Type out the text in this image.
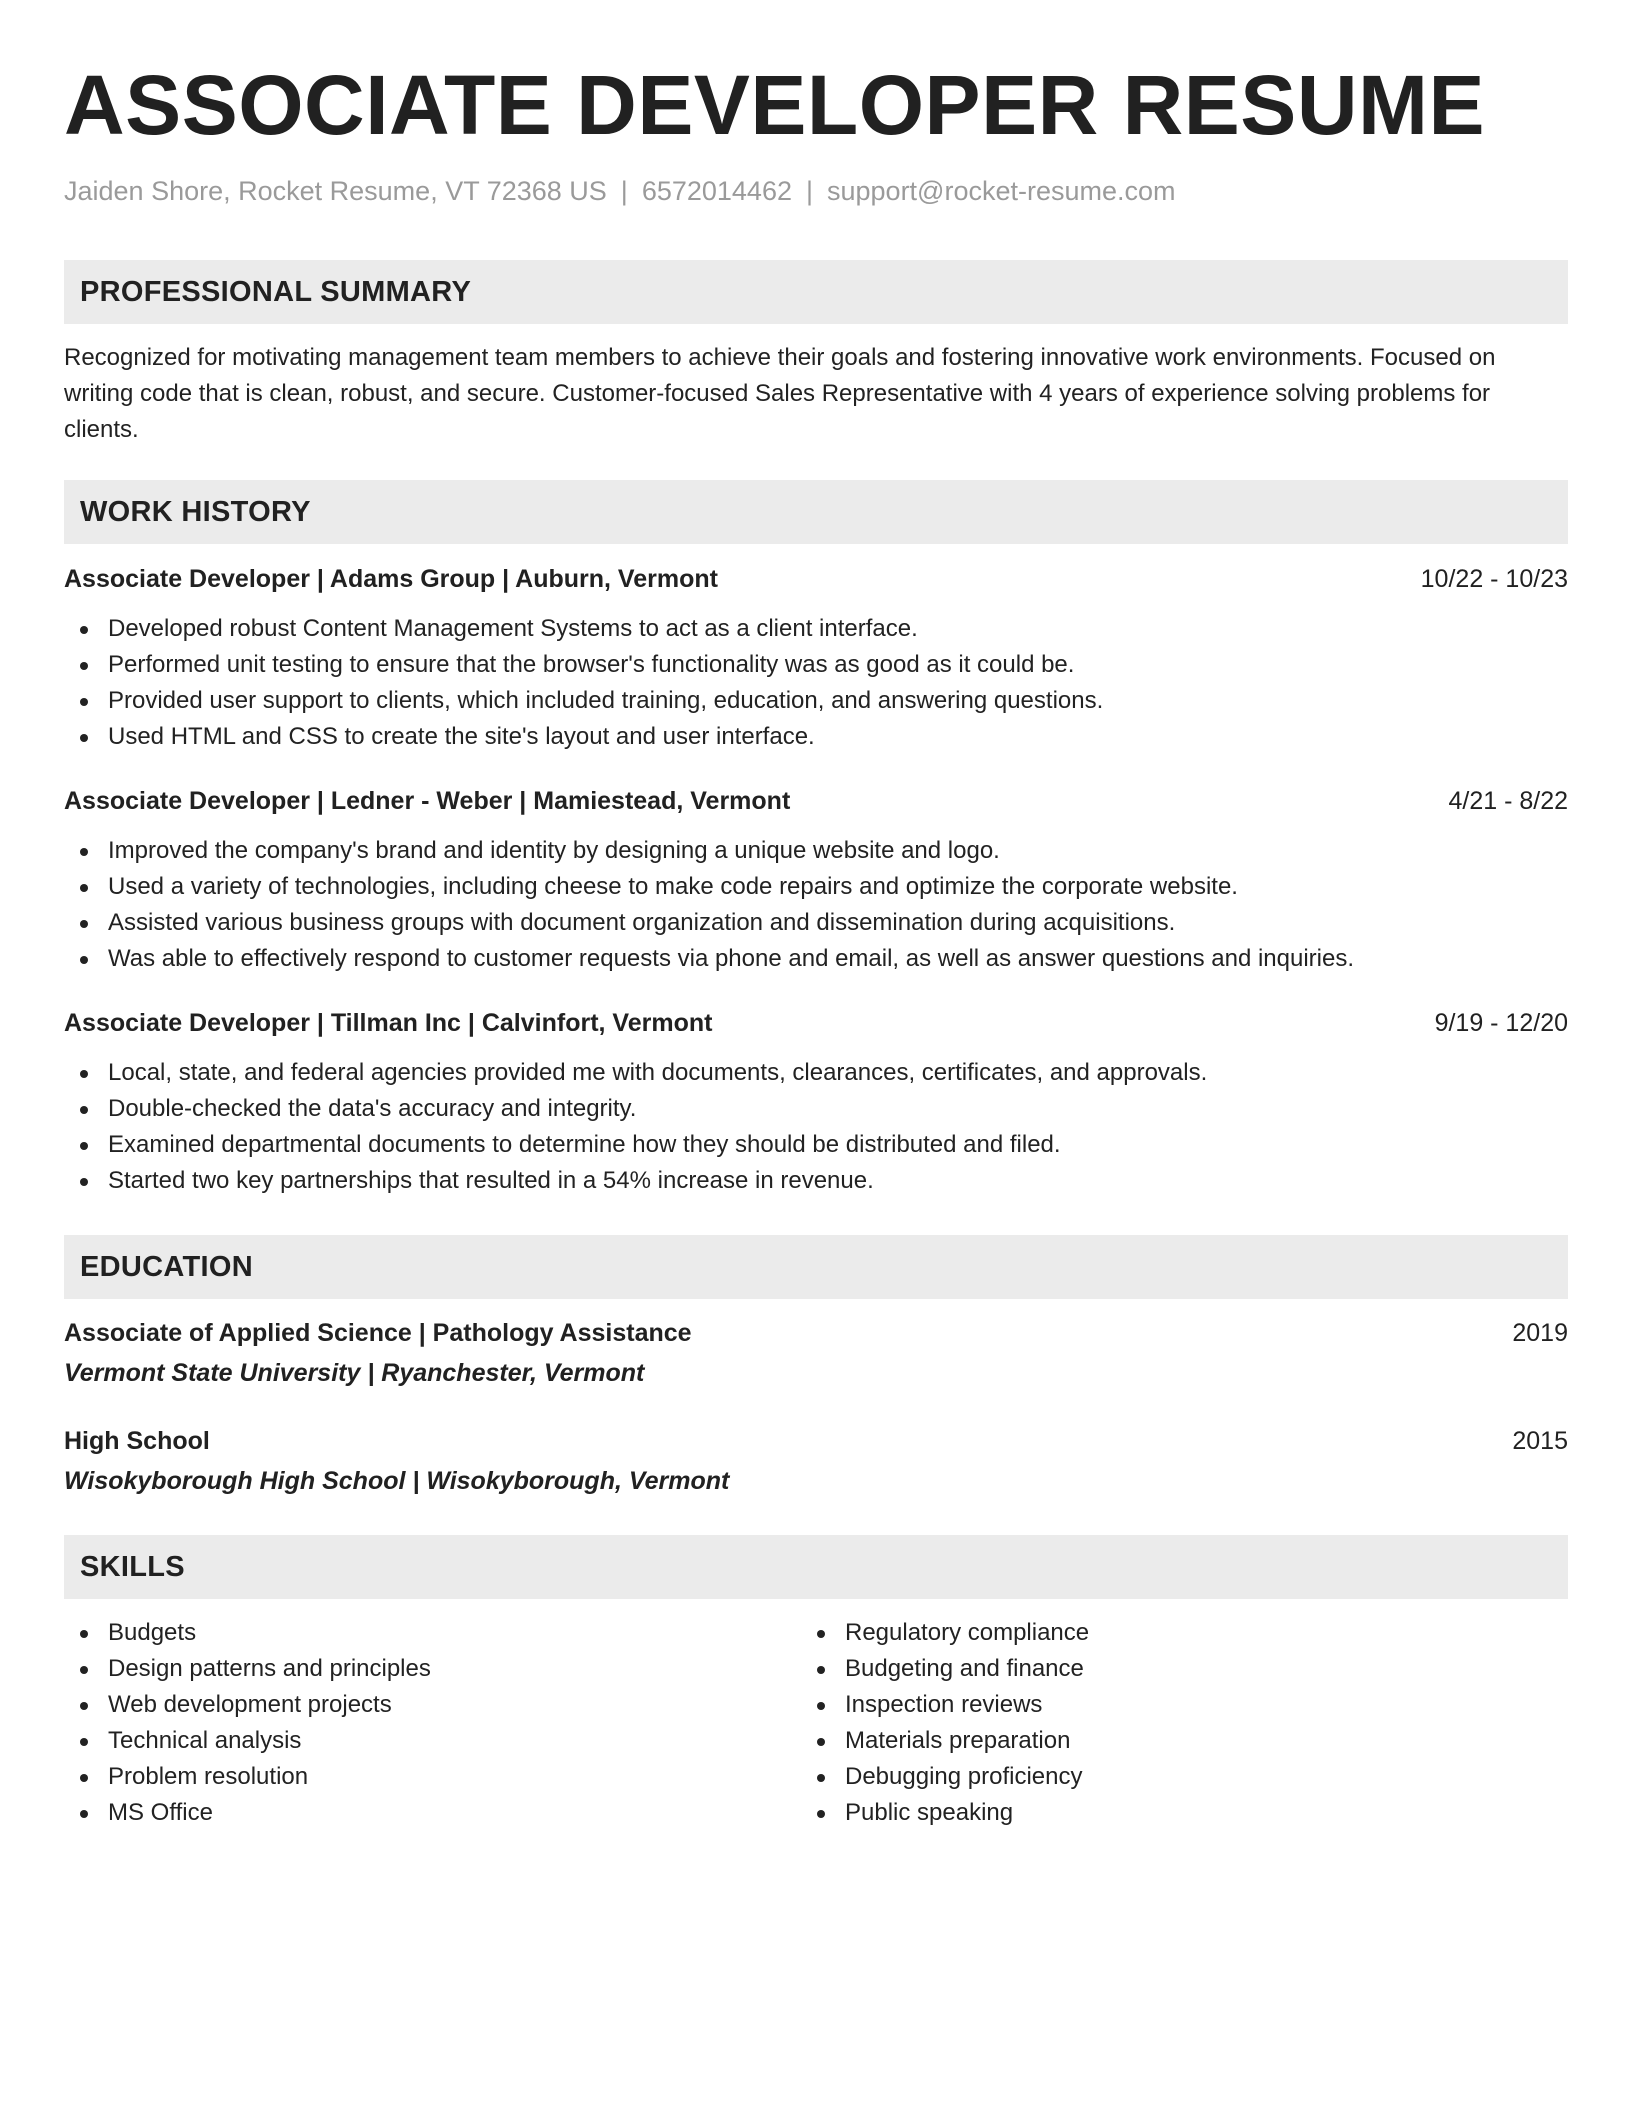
ASSOCIATE DEVELOPER RESUME
Jaiden Shore, Rocket Resume, VT 72368 US | 6572014462 | support@rocket-resume.com
PROFESSIONAL SUMMARY

Recognized for motivating management team members to achieve their goals and fostering innovative work environments. Focused on writing code that is clean, robust, and secure. Customer-focused Sales Representative with 4 years of experience solving problems for clients.

WORK HISTORY
Associate Developer | Adams Group | Auburn, Vermont	10/22 - 10/23
Developed robust Content Management Systems to act as a client interface.
Performed unit testing to ensure that the browser's functionality was as good as it could be.
Provided user support to clients, which included training, education, and answering questions.
Used HTML and CSS to create the site's layout and user interface.
Associate Developer | Ledner - Weber | Mamiestead, Vermont	4/21 - 8/22
Improved the company's brand and identity by designing a unique website and logo.
Used a variety of technologies, including cheese to make code repairs and optimize the corporate website.
Assisted various business groups with document organization and dissemination during acquisitions.
Was able to effectively respond to customer requests via phone and email, as well as answer questions and inquiries.
Associate Developer | Tillman Inc | Calvinfort, Vermont	9/19 - 12/20
Local, state, and federal agencies provided me with documents, clearances, certificates, and approvals.
Double-checked the data's accuracy and integrity.
Examined departmental documents to determine how they should be distributed and filed.
Started two key partnerships that resulted in a 54% increase in revenue.
EDUCATION
Associate of Applied Science | Pathology Assistance	2019
Vermont State University | Ryanchester, Vermont
High School	2015
Wisokyborough High School | Wisokyborough, Vermont
SKILLS
Budgets
Design patterns and principles
Web development projects
Technical analysis
Problem resolution
MS Office
Regulatory compliance
Budgeting and finance
Inspection reviews
Materials preparation
Debugging proficiency
Public speaking
